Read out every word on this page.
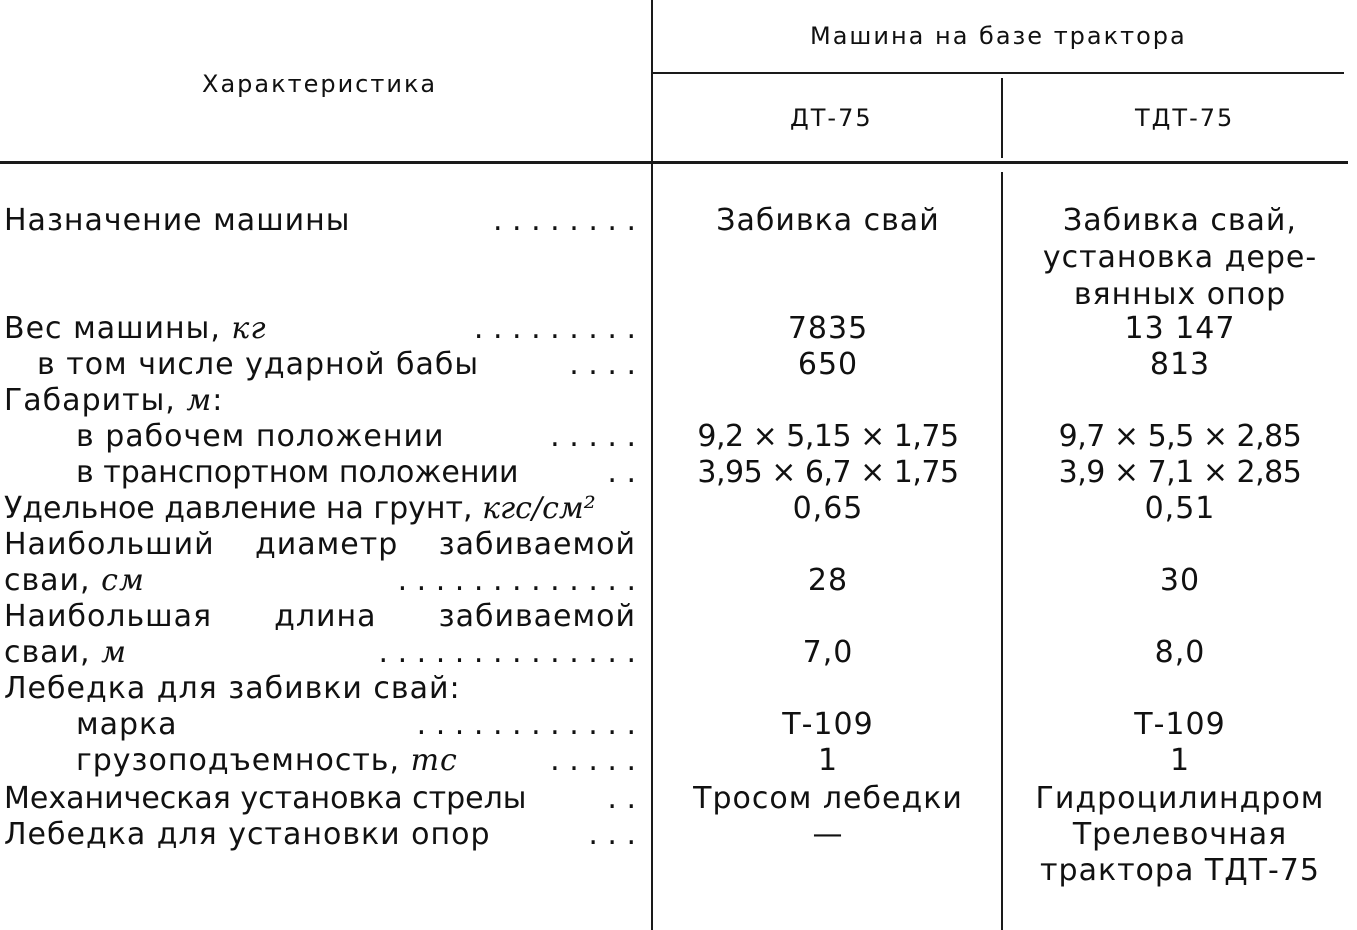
Характеристика
Машина на базе трактора
ДТ-75	ТДТ-75
Назначение машины	. . . . . . . .	Забивка свай	Забивка свай,
установка дере-
вянных опор
Вес машины, кг	. . . . . . . . .	7835	13 147
в том числе ударной бабы	. . . .	650	813
Габариты, м:
в рабочем положении	. . . . .	9,2 × 5,15 × 1,75	9,7 × 5,5 × 2,85
в транспортном положении	. .	3,95 × 6,7 × 1,75	3,9 × 7,1 × 2,85
Удельное давление на грунт, кгс/см²	0,65	0,51
Наибольший диаметр забиваемой
сваи, см	. . . . . . . . . . . . .	28	30
Наибольшая длина забиваемой
сваи, м	. . . . . . . . . . . . . .	7,0	8,0
Лебедка для забивки свай:
марка	. . . . . . . . . . . .	Т-109	Т-109
грузоподъемность, тс	. . . . .	1	1
Механическая установка стрелы	. .	Тросом лебедки	Гидроцилиндром
Лебедка для установки опор	. . .	—	Трелевочная
трактора ТДТ-75
